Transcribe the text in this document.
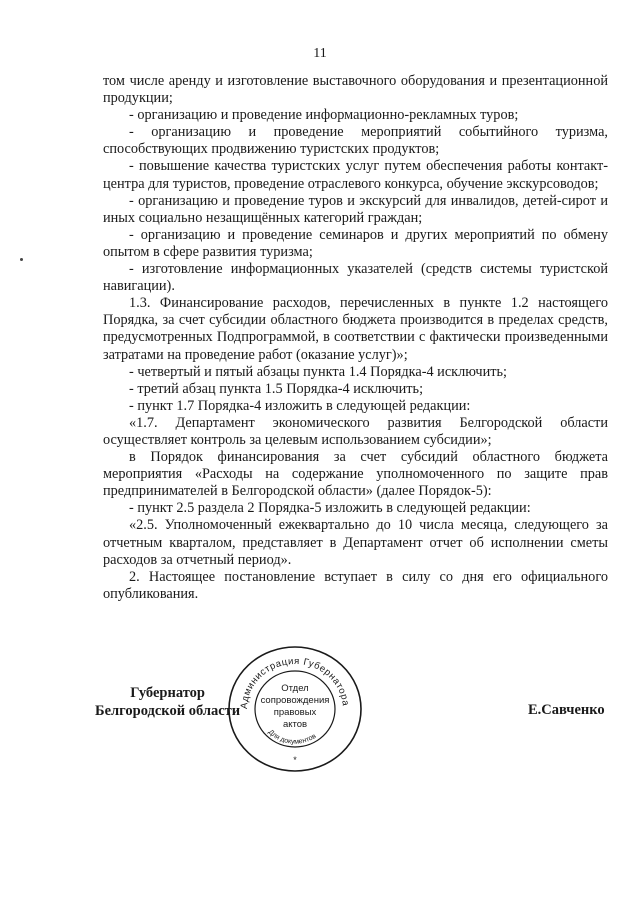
11

том числе аренду и изготовление выставочного оборудования и презентационной продукции;

- организацию и проведение информационно-рекламных туров;

- организацию и проведение мероприятий событийного туризма, способствующих продвижению туристских продуктов;

- повышение качества туристских услуг путем обеспечения работы контакт-центра для туристов, проведение отраслевого конкурса, обучение экскурсоводов;

- организацию и проведение туров и экскурсий для инвалидов, детей-сирот и иных социально незащищённых категорий граждан;

- организацию и проведение семинаров и других мероприятий по обмену опытом в сфере развития туризма;

- изготовление информационных указателей (средств системы туристской навигации).

1.3. Финансирование расходов, перечисленных в пункте 1.2 настоящего Порядка, за счет субсидии областного бюджета производится в пределах средств, предусмотренных Подпрограммой, в соответствии с фактически произведенными затратами на проведение работ (оказание услуг)»;

- четвертый и пятый абзацы пункта 1.4 Порядка-4 исключить;

- третий абзац пункта 1.5 Порядка-4 исключить;

- пункт 1.7 Порядка-4 изложить в следующей редакции:

«1.7. Департамент экономического развития Белгородской области осуществляет контроль за целевым использованием субсидии»;

в Порядок финансирования за счет субсидий областного бюджета мероприятия «Расходы на содержание уполномоченного по защите прав предпринимателей в Белгородской области» (далее Порядок-5):

- пункт 2.5 раздела 2 Порядка-5 изложить в следующей редакции:

«2.5. Уполномоченный ежеквартально до 10 числа месяца, следующего за отчетным кварталом, представляет в Департамент отчет об исполнении сметы расходов за отчетный период».

2. Настоящее постановление вступает в силу со дня его официального опубликования.

Губернатор
Белгородской области
Администрация Губернатора
Для документов
Отдел
сопровождения
правовых
актов
*
Е.Савченко
